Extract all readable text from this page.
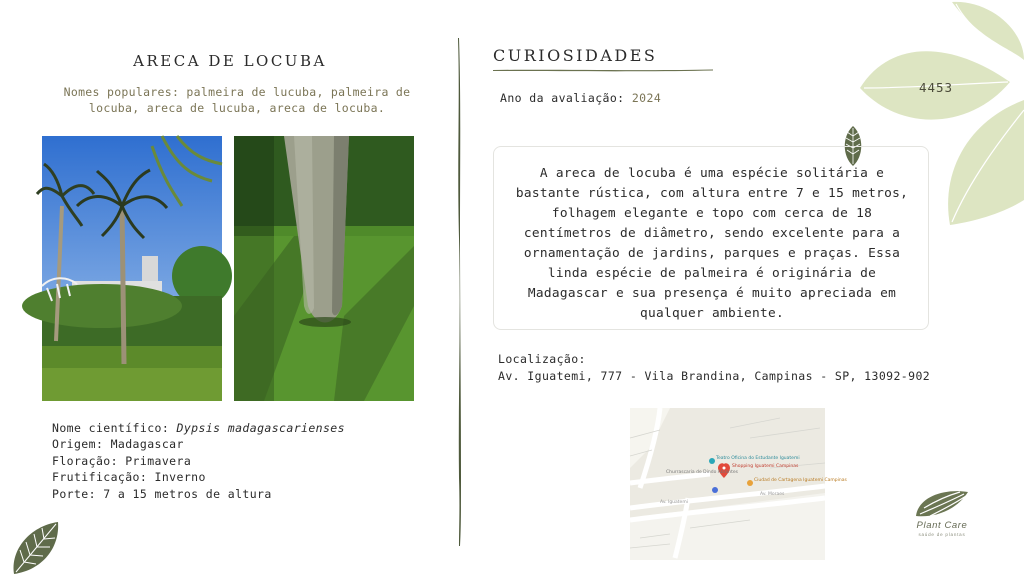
4453
ARECA DE LOCUBA
Nomes populares: palmeira de lucuba, palmeira de locuba, areca de lucuba, areca de locuba.
Nome científico: Dypsis madagascarienses
Origem: Madagascar
Floração: Primavera
Frutificação: Inverno
Porte: 7 a 15 metros de altura
CURIOSIDADES
Ano da avaliação: 2024
A areca de locuba é uma espécie solitária e bastante rústica, com altura entre 7 e 15 metros, folhagem elegante e topo com cerca de 18 centímetros de diâmetro, sendo excelente para a ornamentação de jardins, parques e praças. Essa linda espécie de palmeira é originária de Madagascar e sua presença é muito apreciada em qualquer ambiente.
Localização:
Av. Iguatemi, 777 - Vila Brandina, Campinas - SP, 13092-902
Teatro Oficina do Estudante Iguatemi
Shopping Iguatemi Campinas
Ciudad de Cartagena Iguatemi Campinas
Churrascaria de Dindo Abrantes
Av. Iguatemi
Av. Moraes
Plant Care
saúde de plantas
